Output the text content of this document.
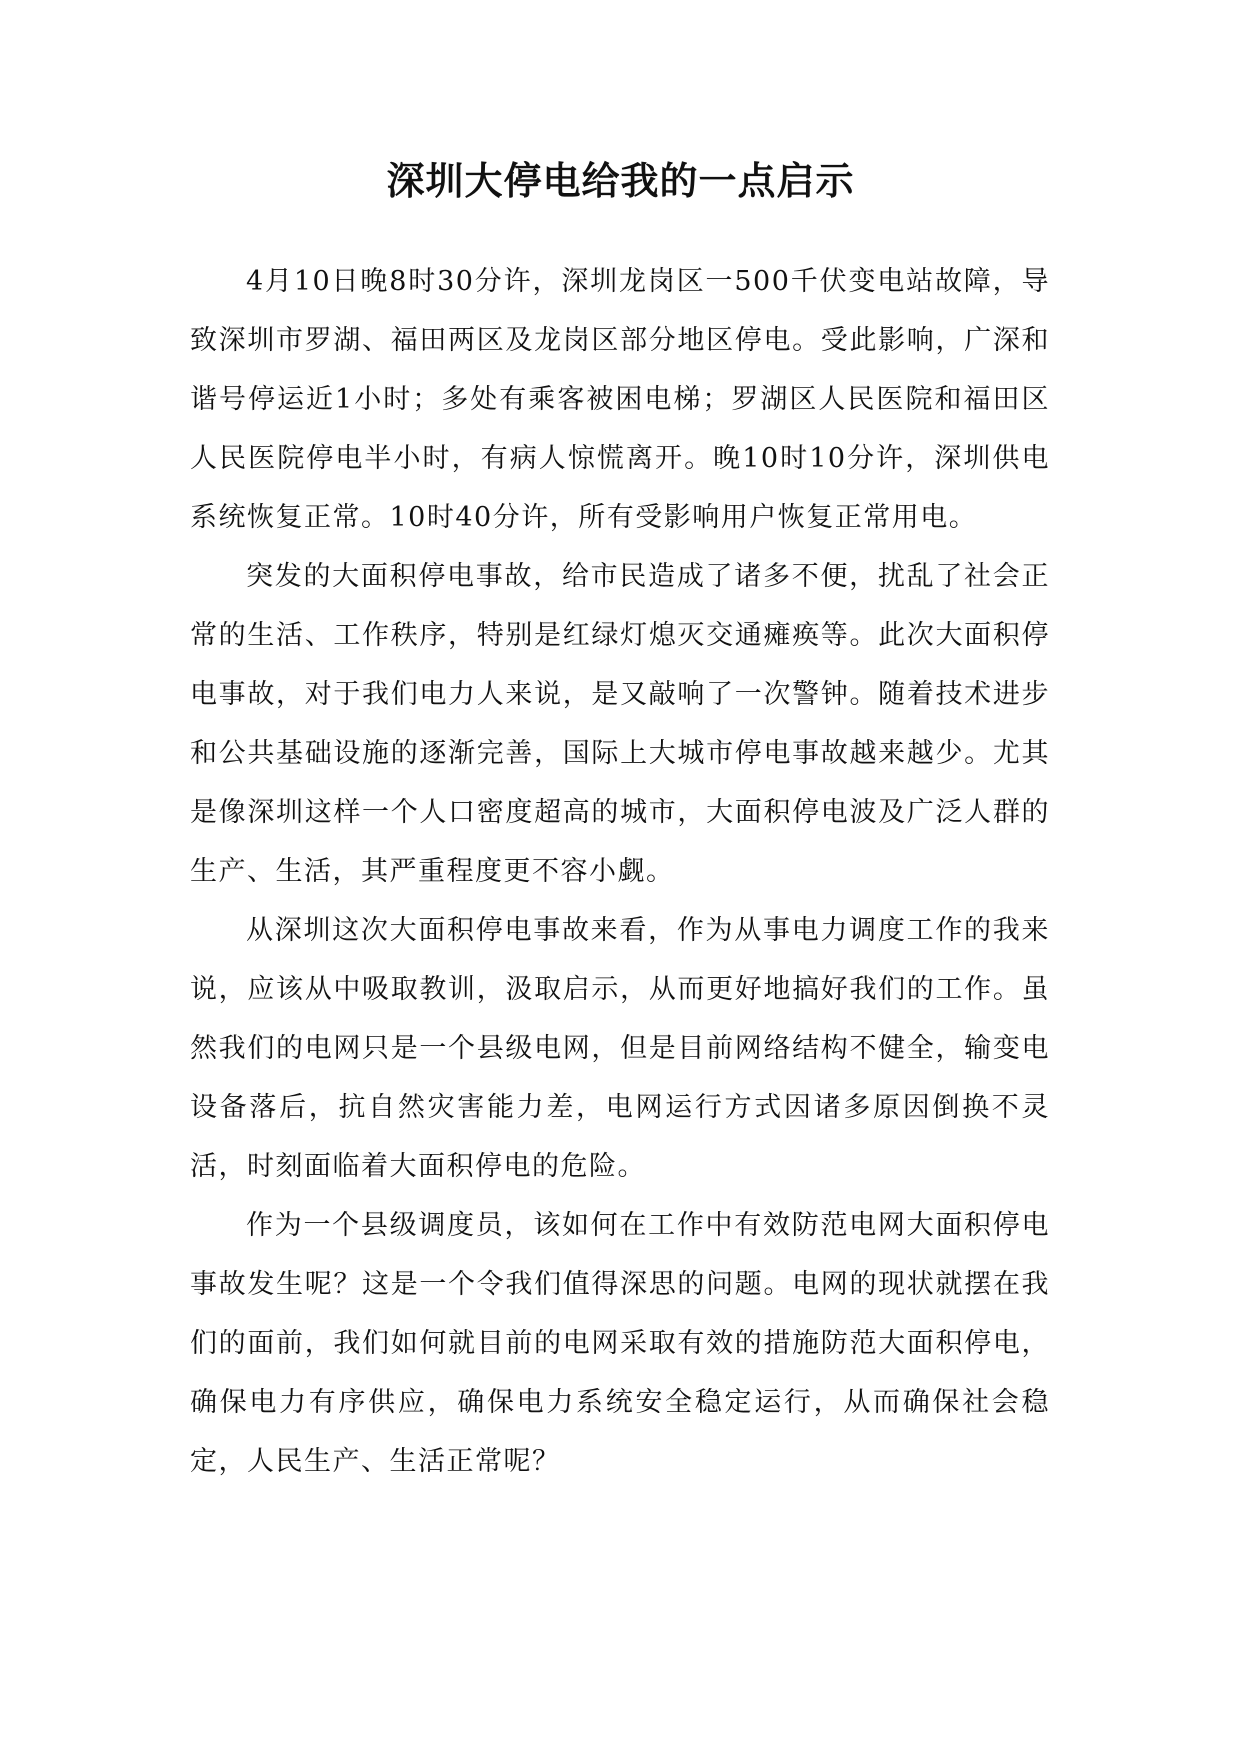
深圳大停电给我的一点启示

4月10日晚8时30分许，深圳龙岗区一500千伏变电站故障，导致深圳市罗湖、福田两区及龙岗区部分地区停电。受此影响，广深和谐号停运近1小时；多处有乘客被困电梯；罗湖区人民医院和福田区人民医院停电半小时，有病人惊慌离开。晚10时10分许，深圳供电系统恢复正常。10时40分许，所有受影响用户恢复正常用电。

突发的大面积停电事故，给市民造成了诸多不便，扰乱了社会正常的生活、工作秩序，特别是红绿灯熄灭交通瘫痪等。此次大面积停电事故，对于我们电力人来说，是又敲响了一次警钟。随着技术进步和公共基础设施的逐渐完善，国际上大城市停电事故越来越少。尤其是像深圳这样一个人口密度超高的城市，大面积停电波及广泛人群的生产、生活，其严重程度更不容小觑。

从深圳这次大面积停电事故来看，作为从事电力调度工作的我来说，应该从中吸取教训，汲取启示，从而更好地搞好我们的工作。虽然我们的电网只是一个县级电网，但是目前网络结构不健全，输变电设备落后，抗自然灾害能力差，电网运行方式因诸多原因倒换不灵活，时刻面临着大面积停电的危险。

作为一个县级调度员，该如何在工作中有效防范电网大面积停电事故发生呢？这是一个令我们值得深思的问题。电网的现状就摆在我们的面前，我们如何就目前的电网采取有效的措施防范大面积停电，确保电力有序供应，确保电力系统安全稳定运行，从而确保社会稳定，人民生产、生活正常呢？
